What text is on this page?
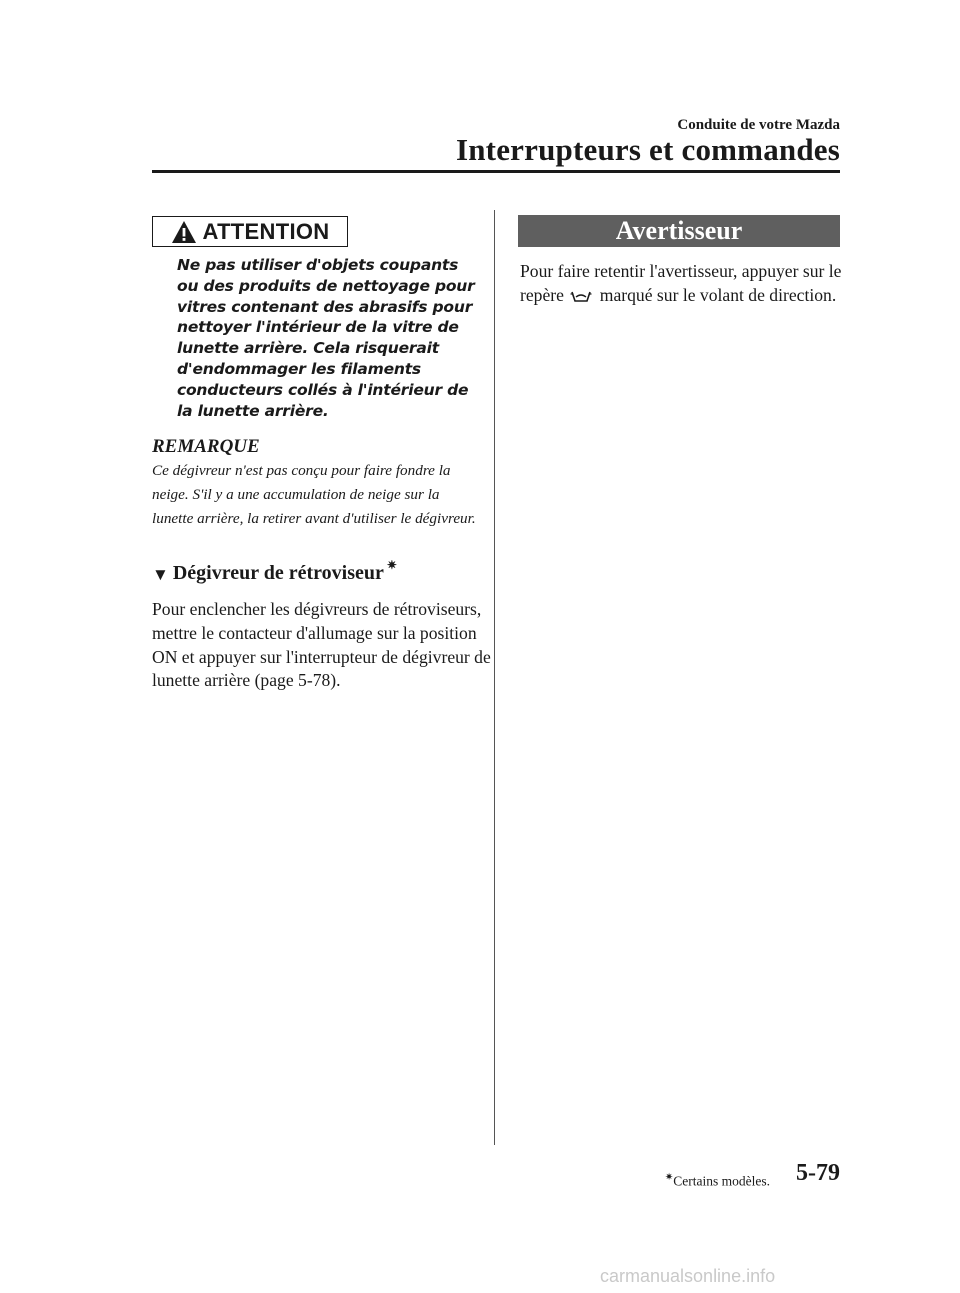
Conduite de votre Mazda
Interrupteurs et commandes
ATTENTION
Ne pas utiliser d'objets coupants ou des produits de nettoyage pour vitres contenant des abrasifs pour nettoyer l'intérieur de la vitre de lunette arrière. Cela risquerait d'endommager les filaments conducteurs collés à l'intérieur de la lunette arrière.
REMARQUE
Ce dégivreur n'est pas conçu pour faire fondre la neige. S'il y a une accumulation de neige sur la lunette arrière, la retirer avant d'utiliser le dégivreur.
▼ Dégivreur de rétroviseur ✷
Pour enclencher les dégivreurs de rétroviseurs, mettre le contacteur d'allumage sur la position ON et appuyer sur l'interrupteur de dégivreur de lunette arrière (page 5-78).
Avertisseur
Pour faire retentir l'avertisseur, appuyer sur le repère marqué sur le volant de direction.
✷Certains modèles. 5-79
carmanualsonline.info
